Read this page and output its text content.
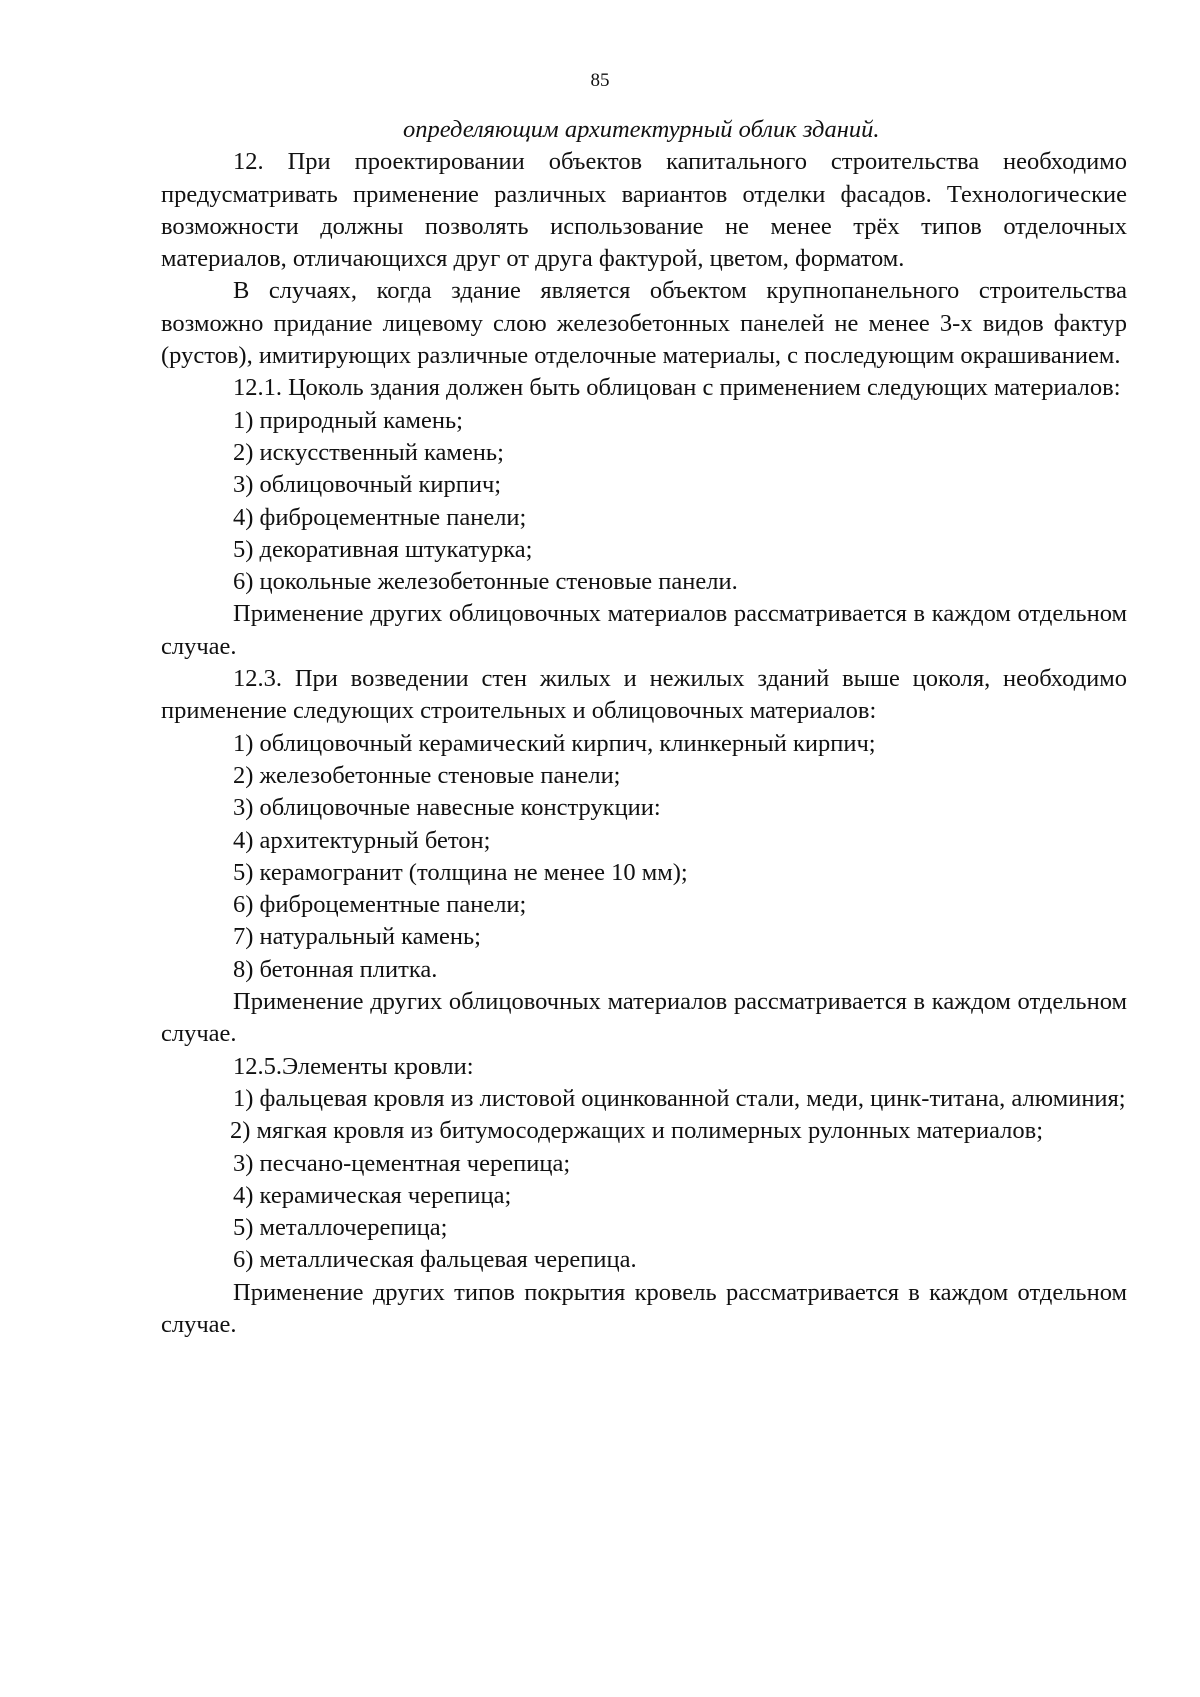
85

определяющим архитектурный облик зданий.

12. При проектировании объектов капитального строительства необходимо предусматривать применение различных вариантов отделки фасадов. Технологические возможности должны позволять использование не менее трёх типов отделочных материалов, отличающихся друг от друга фактурой, цветом, форматом.

В случаях, когда здание является объектом крупнопанельного строительства возможно придание лицевому слою железобетонных панелей не менее 3-х видов фактур (рустов), имитирующих различные отделочные материалы, с последующим окрашиванием.

12.1. Цоколь здания должен быть облицован с применением следующих материалов:

1) природный камень;

2) искусственный камень;

3) облицовочный кирпич;

4) фиброцементные панели;

5) декоративная штукатурка;

6) цокольные железобетонные стеновые панели.

Применение других облицовочных материалов рассматривается в каждом отдельном случае.

12.3. При возведении стен жилых и нежилых зданий выше цоколя, необходимо применение следующих строительных и облицовочных материалов:

1) облицовочный керамический кирпич, клинкерный кирпич;

2) железобетонные стеновые панели;

3) облицовочные навесные конструкции:

4) архитектурный бетон;

5) керамогранит (толщина не менее 10 мм);

6) фиброцементные панели;

7) натуральный камень;

8) бетонная плитка.

Применение других облицовочных материалов рассматривается в каждом отдельном случае.

12.5.Элементы кровли:

1) фальцевая кровля из листовой оцинкованной стали, меди, цинк-титана, алюминия;

2) мягкая кровля из битумосодержащих и полимерных рулонных материалов;

3) песчано-цементная черепица;

4) керамическая черепица;

5) металлочерепица;

6) металлическая фальцевая черепица.

Применение других типов покрытия кровель рассматривается в каждом отдельном случае.
